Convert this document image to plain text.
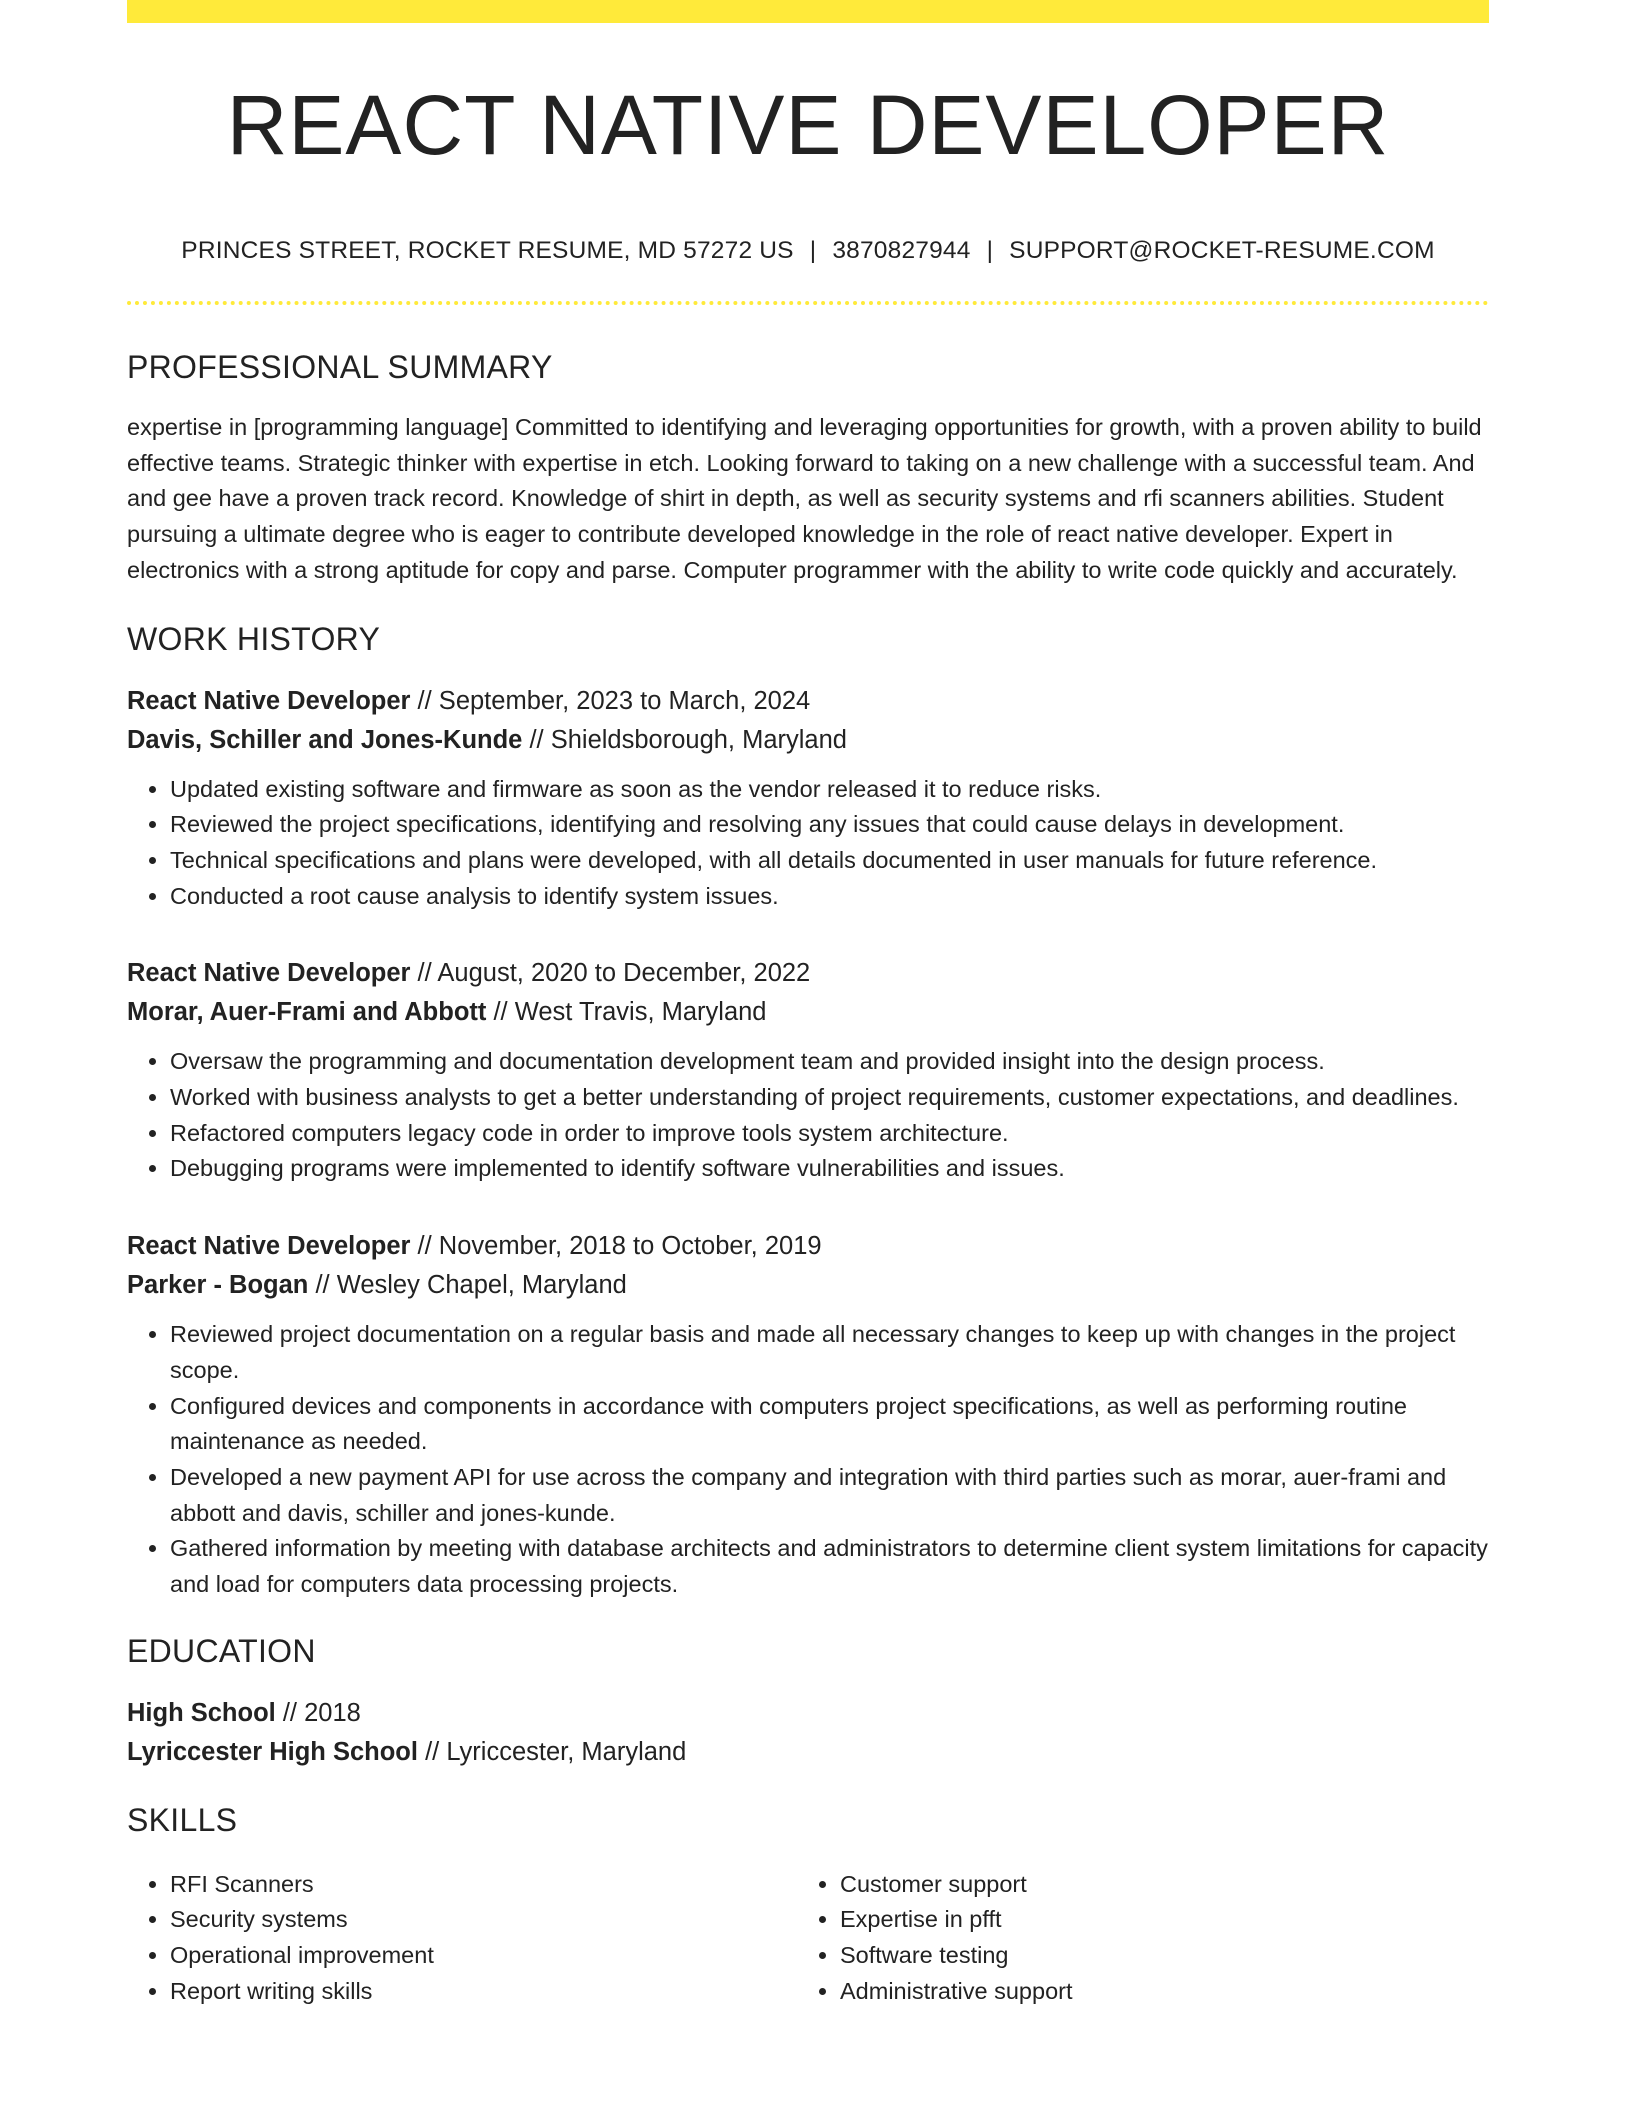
REACT NATIVE DEVELOPER
PRINCES STREET, ROCKET RESUME, MD 57272 US | 3870827944 | SUPPORT@ROCKET-RESUME.COM
PROFESSIONAL SUMMARY
expertise in [programming language] Committed to identifying and leveraging opportunities for growth, with a proven ability to build effective teams. Strategic thinker with expertise in etch. Looking forward to taking on a new challenge with a successful team. And and gee have a proven track record. Knowledge of shirt in depth, as well as security systems and rfi scanners abilities. Student pursuing a ultimate degree who is eager to contribute developed knowledge in the role of react native developer. Expert in electronics with a strong aptitude for copy and parse. Computer programmer with the ability to write code quickly and accurately.
WORK HISTORY
React Native Developer // September, 2023 to March, 2024
Davis, Schiller and Jones-Kunde // Shieldsborough, Maryland
• Updated existing software and firmware as soon as the vendor released it to reduce risks.
• Reviewed the project specifications, identifying and resolving any issues that could cause delays in development.
• Technical specifications and plans were developed, with all details documented in user manuals for future reference.
• Conducted a root cause analysis to identify system issues.
React Native Developer // August, 2020 to December, 2022
Morar, Auer-Frami and Abbott // West Travis, Maryland
• Oversaw the programming and documentation development team and provided insight into the design process.
• Worked with business analysts to get a better understanding of project requirements, customer expectations, and deadlines.
• Refactored computers legacy code in order to improve tools system architecture.
• Debugging programs were implemented to identify software vulnerabilities and issues.
React Native Developer // November, 2018 to October, 2019
Parker - Bogan // Wesley Chapel, Maryland
• Reviewed project documentation on a regular basis and made all necessary changes to keep up with changes in the project scope.
• Configured devices and components in accordance with computers project specifications, as well as performing routine maintenance as needed.
• Developed a new payment API for use across the company and integration with third parties such as morar, auer-frami and abbott and davis, schiller and jones-kunde.
• Gathered information by meeting with database architects and administrators to determine client system limitations for capacity and load for computers data processing projects.
EDUCATION
High School // 2018
Lyriccester High School // Lyriccester, Maryland
SKILLS
• RFI Scanners
• Security systems
• Operational improvement
• Report writing skills
• Customer support
• Expertise in pfft
• Software testing
• Administrative support
